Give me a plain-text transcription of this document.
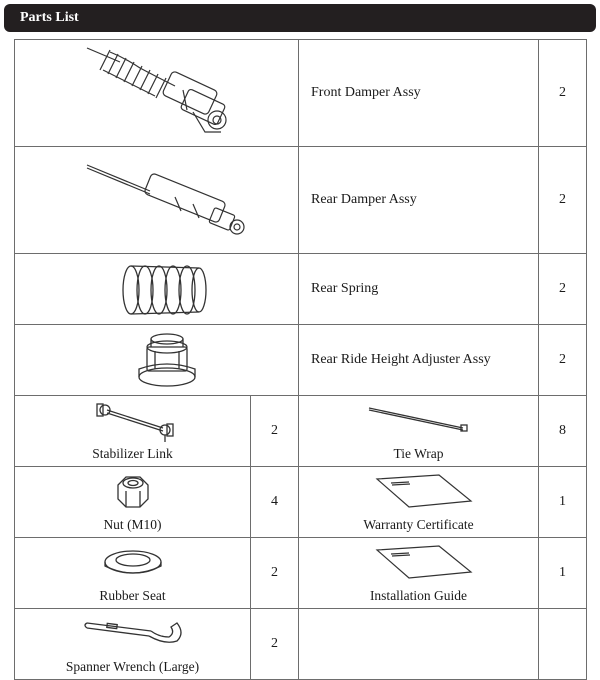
Parts List
	Front Damper Assy	2

	Rear Damper Assy	2

	Rear Spring	2

	Rear Ride Height Adjuster Assy	2

Stabilizer Link	2	Tie Wrap	8

Nut (M10)	4	Warranty Certificate	1

Rubber Seat	2	Installation Guide	1

Spanner Wrench (Large)	2		
